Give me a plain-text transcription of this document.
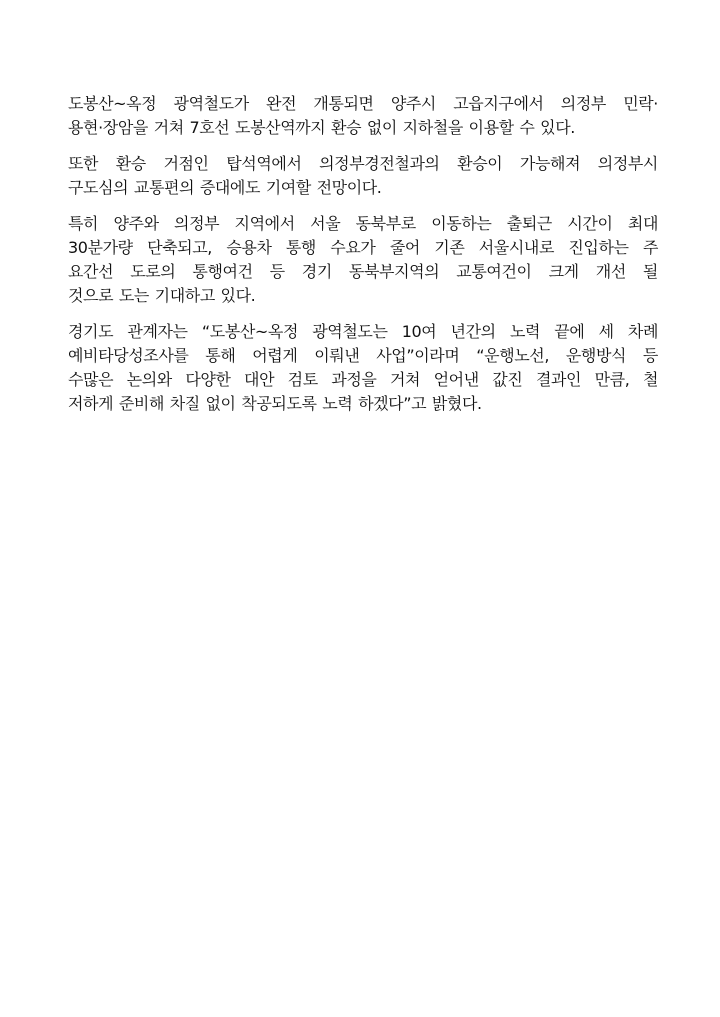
도봉산~옥정 광역철도가 완전 개통되면 양주시 고읍지구에서 의정부 민락·
용현·장암을 거쳐 7호선 도봉산역까지 환승 없이 지하철을 이용할 수 있다.
또한 환승 거점인 탑석역에서 의정부경전철과의 환승이 가능해져 의정부시
구도심의 교통편의 증대에도 기여할 전망이다.
특히 양주와 의정부 지역에서 서울 동북부로 이동하는 출퇴근 시간이 최대
30분가량 단축되고, 승용차 통행 수요가 줄어 기존 서울시내로 진입하는 주
요간선 도로의 통행여건 등 경기 동북부지역의 교통여건이 크게 개선 될
것으로 도는 기대하고 있다.
경기도 관계자는 “도봉산~옥정 광역철도는 10여 년간의 노력 끝에 세 차례
예비타당성조사를 통해 어렵게 이뤄낸 사업”이라며 “운행노선, 운행방식 등
수많은 논의와 다양한 대안 검토 과정을 거쳐 얻어낸 값진 결과인 만큼, 철
저하게 준비해 차질 없이 착공되도록 노력 하겠다”고 밝혔다.
